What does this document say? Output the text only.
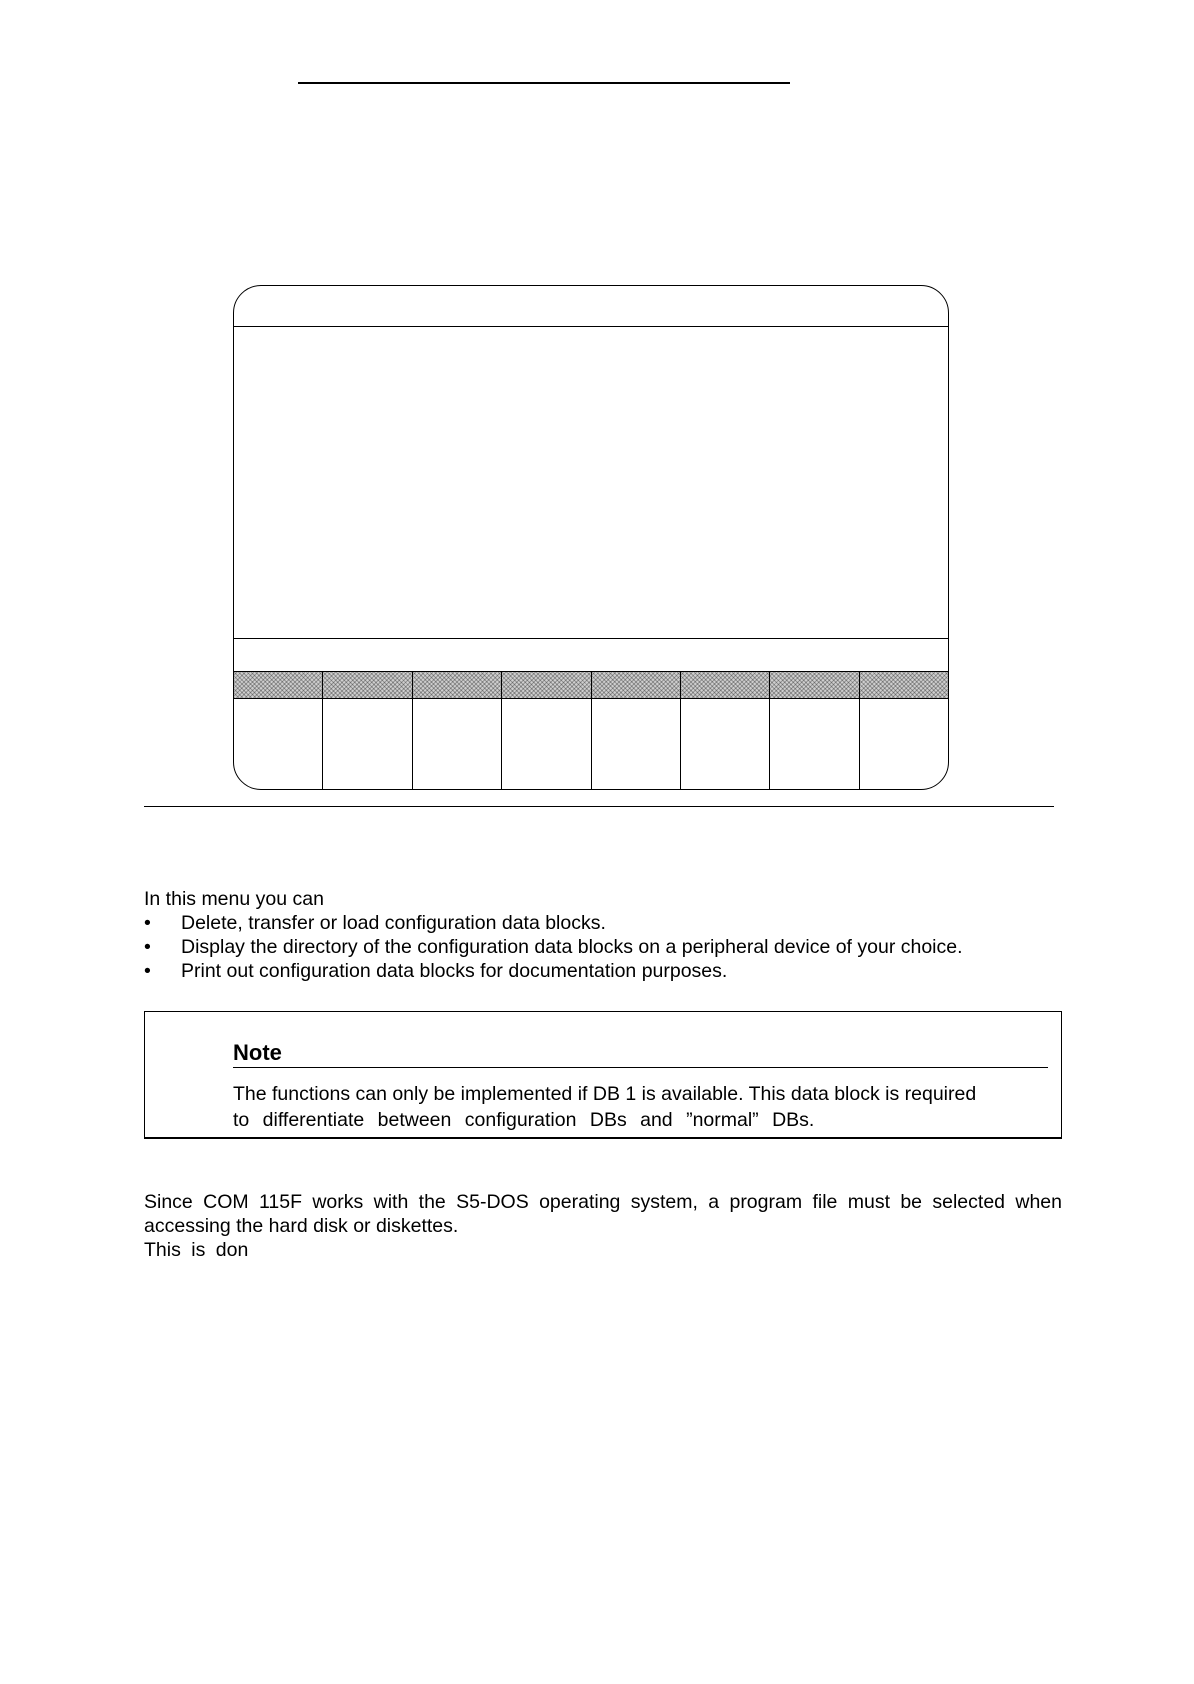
In this menu you can
• Delete, transfer or load configuration data blocks.
• Display the directory of the configuration data blocks on a peripheral device of your choice.
• Print out configuration data blocks for documentation purposes.
Note
The functions can only be implemented if DB 1 is available. This data block is required
to differentiate between configuration DBs and ”normal” DBs.
Since COM 115F works with the S5-DOS operating system, a program file must be selected when accessing the hard disk or diskettes.
This is don
